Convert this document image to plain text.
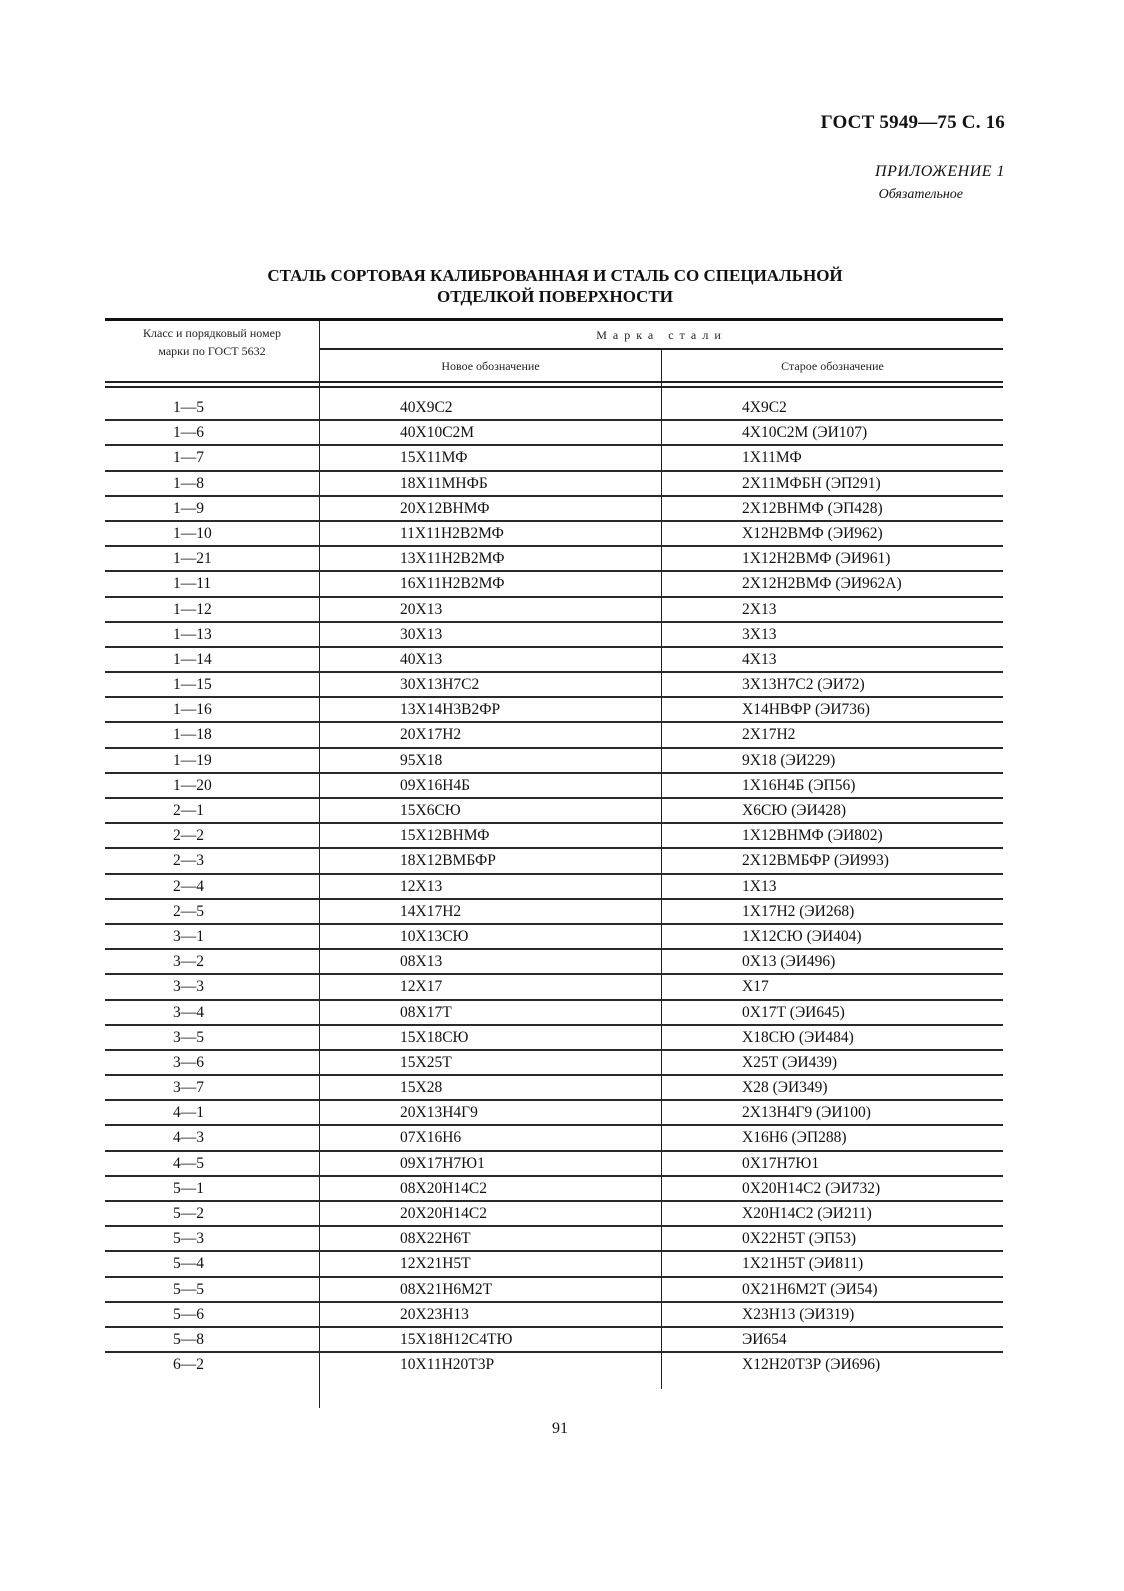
ГОСТ 5949—75 С. 16
ПРИЛОЖЕНИЕ 1
Обязательное
СТАЛЬ СОРТОВАЯ КАЛИБРОВАННАЯ И СТАЛЬ СО СПЕЦИАЛЬНОЙ
ОТДЕЛКОЙ ПОВЕРХНОСТИ
Класс и порядковый номер
марки по ГОСТ 5632
Марка стали
Новое обозначение	Старое обозначение
1—5	40Х9С2	4Х9С2
1—6	40Х10С2М	4Х10С2М (ЭИ107)
1—7	15Х11МФ	1Х11МФ
1—8	18Х11МНФБ	2Х11МФБН (ЭП291)
1—9	20Х12ВНМФ	2Х12ВНМФ (ЭП428)
1—10	11Х11Н2В2МФ	Х12Н2ВМФ (ЭИ962)
1—21	13Х11Н2В2МФ	1Х12Н2ВМФ (ЭИ961)
1—11	16Х11Н2В2МФ	2Х12Н2ВМФ (ЭИ962А)
1—12	20Х13	2Х13
1—13	30Х13	3Х13
1—14	40Х13	4Х13
1—15	30Х13Н7С2	3Х13Н7С2 (ЭИ72)
1—16	13Х14Н3В2ФР	Х14НВФР (ЭИ736)
1—18	20Х17Н2	2Х17Н2
1—19	95Х18	9Х18 (ЭИ229)
1—20	09Х16Н4Б	1Х16Н4Б (ЭП56)
2—1	15Х6СЮ	Х6СЮ (ЭИ428)
2—2	15Х12ВНМФ	1Х12ВНМФ (ЭИ802)
2—3	18Х12ВМБФР	2Х12ВМБФР (ЭИ993)
2—4	12Х13	1Х13
2—5	14Х17Н2	1Х17Н2 (ЭИ268)
3—1	10Х13СЮ	1Х12СЮ (ЭИ404)
3—2	08Х13	0Х13 (ЭИ496)
3—3	12Х17	Х17
3—4	08Х17Т	0Х17Т (ЭИ645)
3—5	15Х18СЮ	Х18СЮ (ЭИ484)
3—6	15Х25Т	Х25Т (ЭИ439)
3—7	15Х28	Х28 (ЭИ349)
4—1	20Х13Н4Г9	2Х13Н4Г9 (ЭИ100)
4—3	07Х16Н6	Х16Н6 (ЭП288)
4—5	09Х17Н7Ю1	0Х17Н7Ю1
5—1	08Х20Н14С2	0Х20Н14С2 (ЭИ732)
5—2	20Х20Н14С2	Х20Н14С2 (ЭИ211)
5—3	08Х22Н6Т	0Х22Н5Т (ЭП53)
5—4	12Х21Н5Т	1Х21Н5Т (ЭИ811)
5—5	08Х21Н6М2Т	0Х21Н6М2Т (ЭИ54)
5—6	20Х23Н13	Х23Н13 (ЭИ319)
5—8	15Х18Н12С4ТЮ	ЭИ654
6—2	10Х11Н20Т3Р	Х12Н20Т3Р (ЭИ696)
91
